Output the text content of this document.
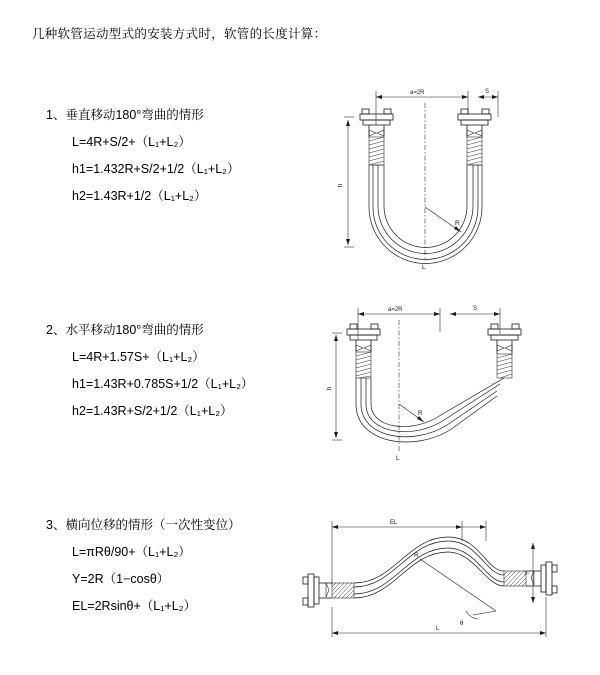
几种软管运动型式的安装方式时，软管的长度计算：
1、垂直移动180°弯曲的情形
L=4R+S/2+（L₁+L₂）
h1=1.432R+S/2+1/2（L₁+L₂）
h2=1.43R+1/2（L₁+L₂）
a=2R	S
R
h
L
2、水平移动180°弯曲的情形
L=4R+1.57S+（L₁+L₂）
h1=1.43R+0.785S+1/2（L₁+L₂）
h2=1.43R+S/2+1/2（L₁+L₂）
a=2R	S
R
h
L
3、横向位移的情形（一次性变位）
L=πRθ/90+（L₁+L₂）
Y=2R（1−cosθ）
EL=2Rsinθ+（L₁+L₂）
EL
Y
R
θ
L
